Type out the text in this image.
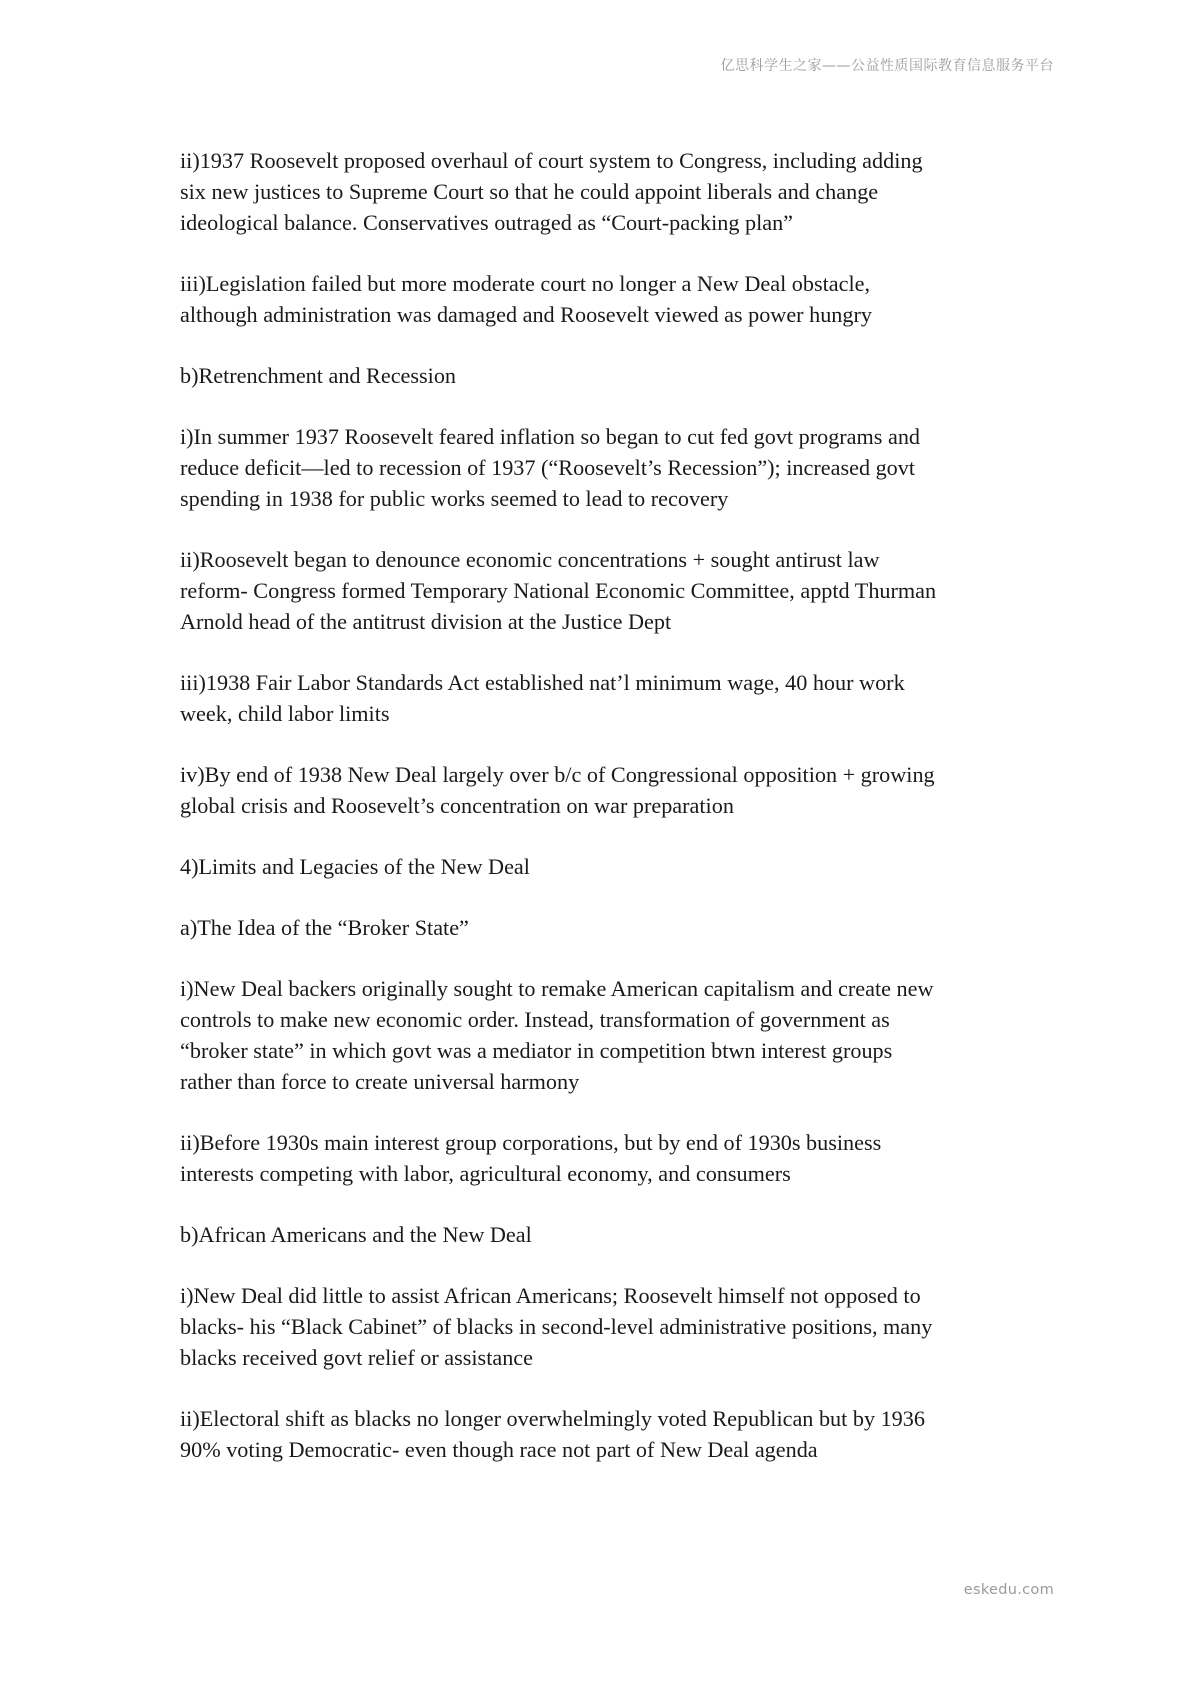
亿思科学生之家——公益性质国际教育信息服务平台

ii)1937 Roosevelt proposed overhaul of court system to Congress, including adding
six new justices to Supreme Court so that he could appoint liberals and change
ideological balance. Conservatives outraged as “Court-packing plan”

iii)Legislation failed but more moderate court no longer a New Deal obstacle,
although administration was damaged and Roosevelt viewed as power hungry

b)Retrenchment and Recession

i)In summer 1937 Roosevelt feared inflation so began to cut fed govt programs and
reduce deficit—led to recession of 1937 (“Roosevelt’s Recession”); increased govt
spending in 1938 for public works seemed to lead to recovery

ii)Roosevelt began to denounce economic concentrations + sought antirust law
reform- Congress formed Temporary National Economic Committee, apptd Thurman
Arnold head of the antitrust division at the Justice Dept

iii)1938 Fair Labor Standards Act established nat’l minimum wage, 40 hour work
week, child labor limits

iv)By end of 1938 New Deal largely over b/c of Congressional opposition + growing
global crisis and Roosevelt’s concentration on war preparation

4)Limits and Legacies of the New Deal

a)The Idea of the “Broker State”

i)New Deal backers originally sought to remake American capitalism and create new
controls to make new economic order. Instead, transformation of government as
“broker state” in which govt was a mediator in competition btwn interest groups
rather than force to create universal harmony

ii)Before 1930s main interest group corporations, but by end of 1930s business
interests competing with labor, agricultural economy, and consumers

b)African Americans and the New Deal

i)New Deal did little to assist African Americans; Roosevelt himself not opposed to
blacks- his “Black Cabinet” of blacks in second-level administrative positions, many
blacks received govt relief or assistance

ii)Electoral shift as blacks no longer overwhelmingly voted Republican but by 1936
90% voting Democratic- even though race not part of New Deal agenda

eskedu.com
